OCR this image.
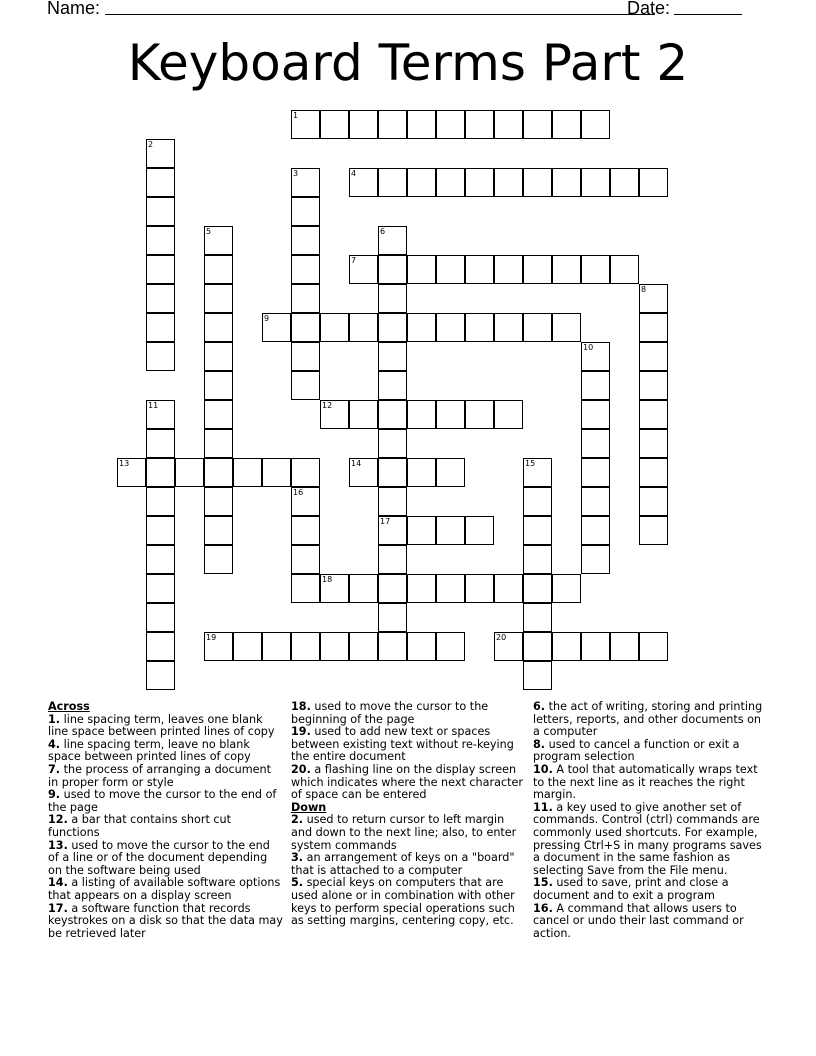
Name:	Date:
Keyboard Terms Part 2
1
2
3	4
5	6
17
7
8
9
10
11	12
13	14	15
16
18
19	20

Across

1. line spacing term, leaves one blank line space between printed lines of copy

4. line spacing term, leave no blank space between printed lines of copy

7. the process of arranging a document in proper form or style

9. used to move the cursor to the end of the page

12. a bar that contains short cut functions

13. used to move the cursor to the end of a line or of the document depending on the software being used

14. a listing of available software options that appears on a display screen

17. a software function that records keystrokes on a disk so that the data may be retrieved later

18. used to move the cursor to the beginning of the page

19. used to add new text or spaces between existing text without re-keying the entire document

20. a flashing line on the display screen which indicates where the next character of space can be entered

Down

2. used to return cursor to left margin and down to the next line; also, to enter system commands

3. an arrangement of keys on a "board" that is attached to a computer

5. special keys on computers that are used alone or in combination with other keys to perform special operations such as setting margins, centering copy, etc.

6. the act of writing, storing and printing letters, reports, and other documents on a computer

8. used to cancel a function or exit a program selection

10. A tool that automatically wraps text to the next line as it reaches the right margin.

11. a key used to give another set of commands. Control (ctrl) commands are commonly used shortcuts. For example, pressing Ctrl+S in many programs saves a document in the same fashion as selecting Save from the File menu.

15. used to save, print and close a document and to exit a program

16. A command that allows users to cancel or undo their last command or action.
